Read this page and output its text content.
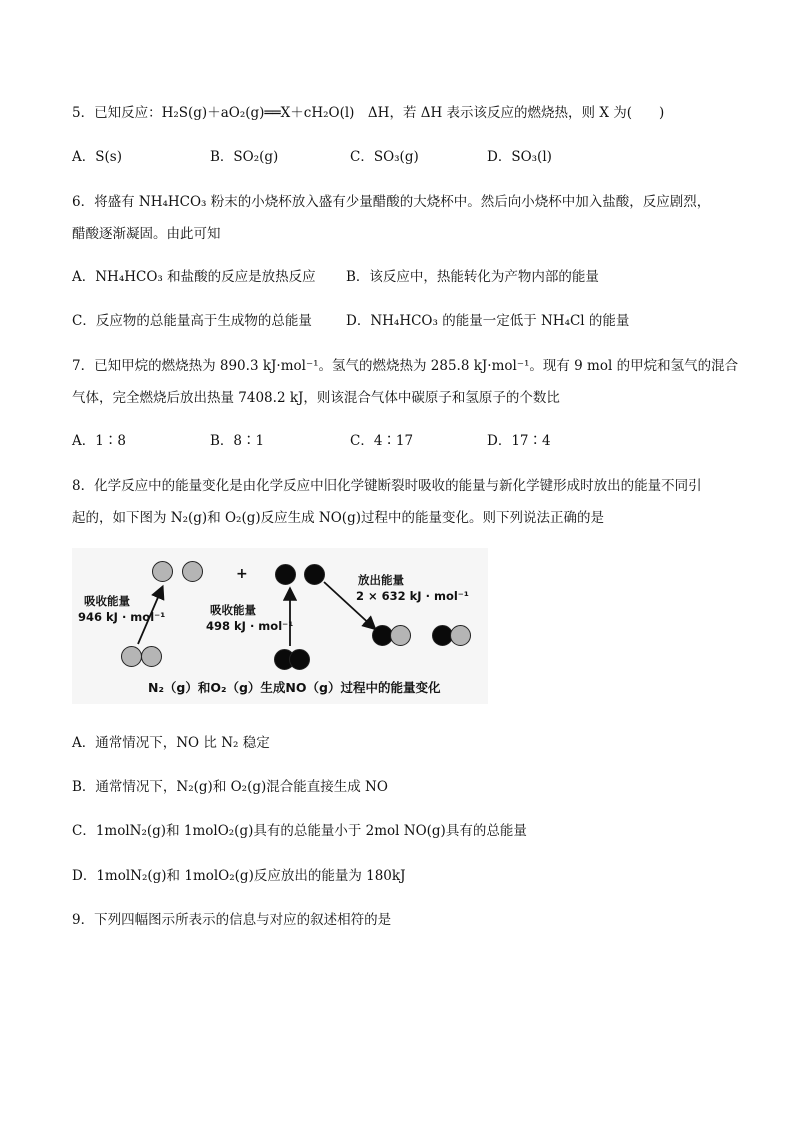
5．已知反应：H₂S(g)＋aO₂(g)══X＋cH₂O(l)　ΔH，若 ΔH 表示该反应的燃烧热，则 X 为(　　)
A．S(s)	B．SO₂(g)	C．SO₃(g)	D．SO₃(l)
6．将盛有 NH₄HCO₃ 粉末的小烧杯放入盛有少量醋酸的大烧杯中。然后向小烧杯中加入盐酸，反应剧烈，
醋酸逐渐凝固。由此可知
A．NH₄HCO₃ 和盐酸的反应是放热反应 B．该反应中，热能转化为产物内部的能量
C．反应物的总能量高于生成物的总能量	D．NH₄HCO₃ 的能量一定低于 NH₄Cl 的能量
7．已知甲烷的燃烧热为 890.3 kJ·mol⁻¹。氢气的燃烧热为 285.8 kJ·mol⁻¹。现有 9 mol 的甲烷和氢气的混合
气体，完全燃烧后放出热量 7408.2 kJ，则该混合气体中碳原子和氢原子的个数比
A．1∶8	B．8∶1	C．4∶17	D．17∶4
8．化学反应中的能量变化是由化学反应中旧化学键断裂时吸收的能量与新化学键形成时放出的能量不同引
起的，如下图为 N₂(g)和 O₂(g)反应生成 NO(g)过程中的能量变化。则下列说法正确的是
+
吸收能量
946 kJ · mol⁻¹	吸收能量
498 kJ · mol⁻¹
放出能量
2 × 632 kJ · mol⁻¹
N₂（g）和O₂（g）生成NO（g）过程中的能量变化
A．通常情况下，NO 比 N₂ 稳定
B．通常情况下，N₂(g)和 O₂(g)混合能直接生成 NO
C．1molN₂(g)和 1molO₂(g)具有的总能量小于 2mol NO(g)具有的总能量
D．1molN₂(g)和 1molO₂(g)反应放出的能量为 180kJ
9．下列四幅图示所表示的信息与对应的叙述相符的是
